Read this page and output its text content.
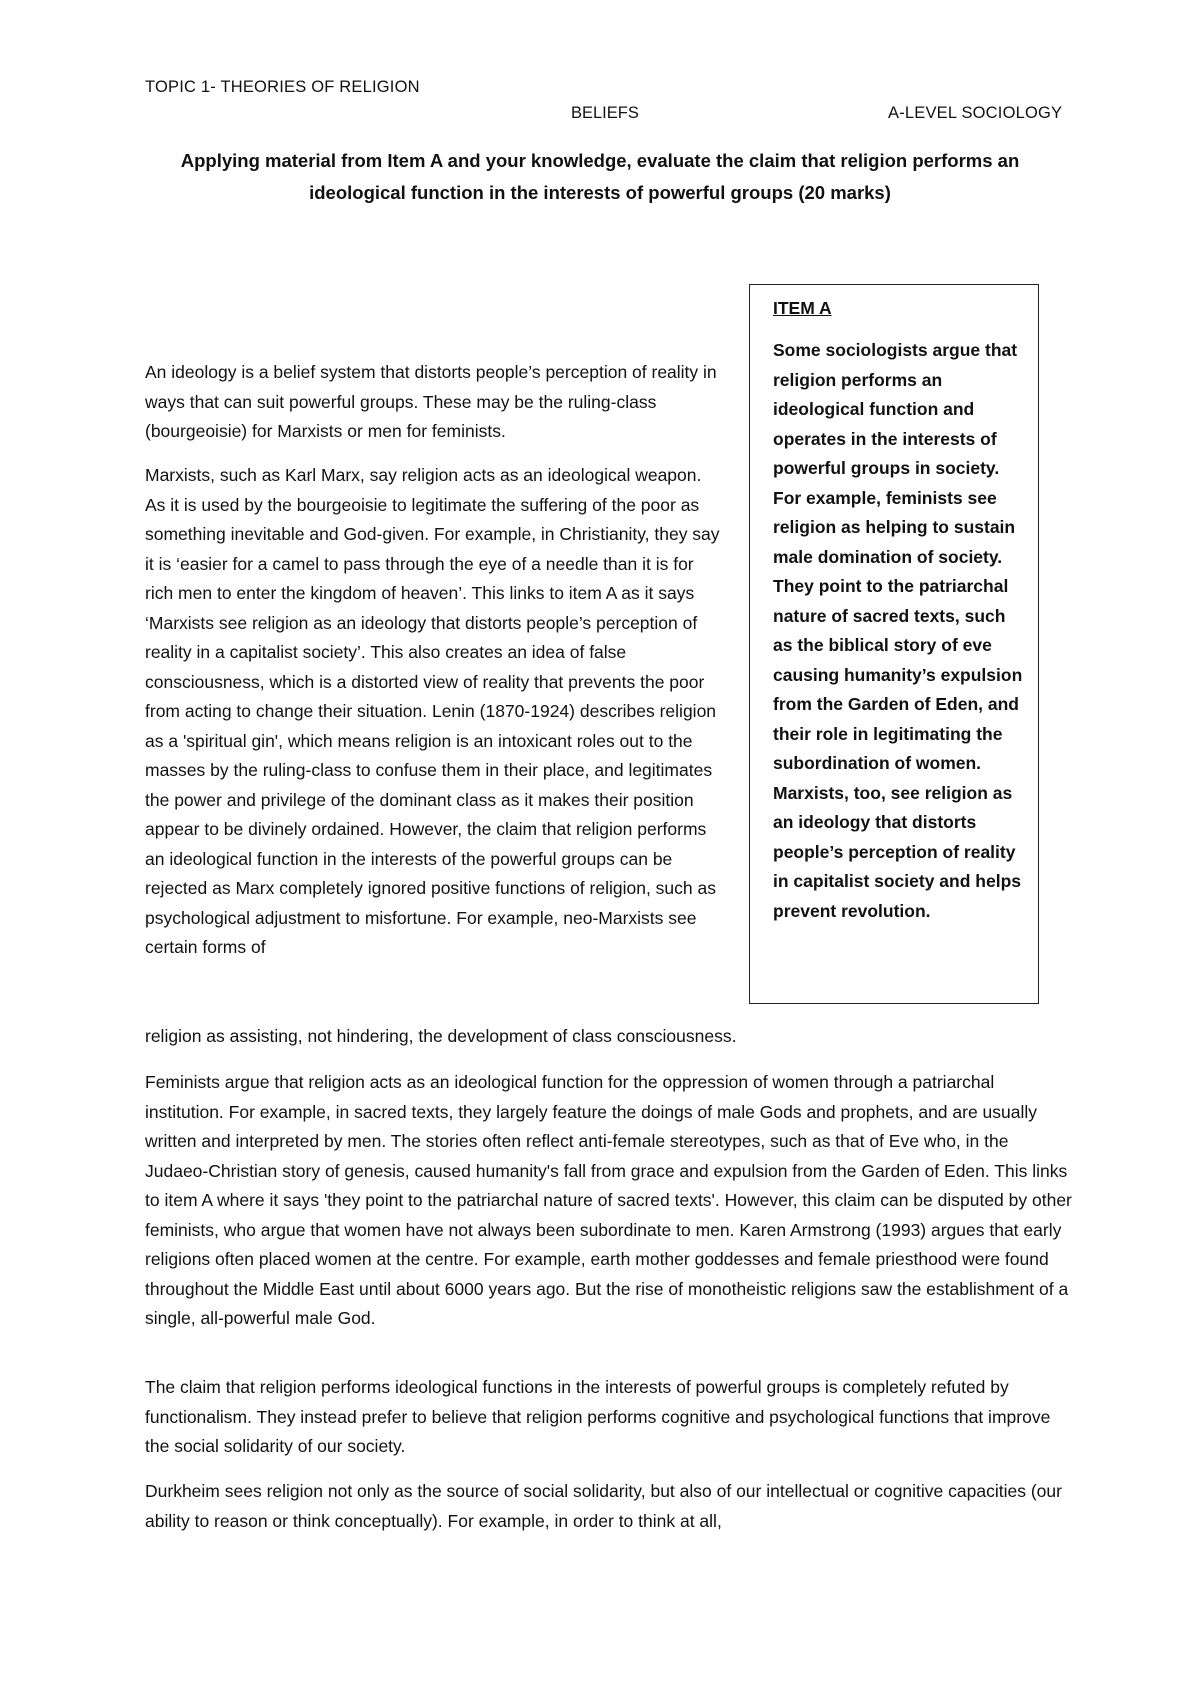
TOPIC 1- THEORIES OF RELIGION
BELIEFS	A-LEVEL SOCIOLOGY
Applying material from Item A and your knowledge, evaluate the claim that religion performs an ideological function in the interests of powerful groups (20 marks)
ITEM A
Some sociologists argue that religion performs an ideological function and operates in the interests of powerful groups in society. For example, feminists see religion as helping to sustain male domination of society. They point to the patriarchal nature of sacred texts, such as the biblical story of eve causing humanity’s expulsion from the Garden of Eden, and their role in legitimating the subordination of women. Marxists, too, see religion as an ideology that distorts people’s perception of reality in capitalist society and helps prevent revolution.

An ideology is a belief system that distorts people’s perception of reality in ways that can suit powerful groups. These may be the ruling-class (bourgeoisie) for Marxists or men for feminists.

Marxists, such as Karl Marx, say religion acts as an ideological weapon. As it is used by the bourgeoisie to legitimate the suffering of the poor as something inevitable and God-given. For example, in Christianity, they say it is ‘easier for a camel to pass through the eye of a needle than it is for rich men to enter the kingdom of heaven’. This links to item A as it says ‘Marxists see religion as an ideology that distorts people’s perception of reality in a capitalist society’. This also creates an idea of false consciousness, which is a distorted view of reality that prevents the poor from acting to change their situation. Lenin (1870-1924) describes religion as a 'spiritual gin', which means religion is an intoxicant roles out to the masses by the ruling-class to confuse them in their place, and legitimates the power and privilege of the dominant class as it makes their position appear to be divinely ordained. However, the claim that religion performs an ideological function in the interests of the powerful groups can be rejected as Marx completely ignored positive functions of religion, such as psychological adjustment to misfortune. For example, neo-Marxists see certain forms of

religion as assisting, not hindering, the development of class consciousness.

Feminists argue that religion acts as an ideological function for the oppression of women through a patriarchal institution. For example, in sacred texts, they largely feature the doings of male Gods and prophets, and are usually written and interpreted by men. The stories often reflect anti-female stereotypes, such as that of Eve who, in the Judaeo-Christian story of genesis, caused humanity's fall from grace and expulsion from the Garden of Eden. This links to item A where it says 'they point to the patriarchal nature of sacred texts'. However, this claim can be disputed by other feminists, who argue that women have not always been subordinate to men. Karen Armstrong (1993) argues that early religions often placed women at the centre. For example, earth mother goddesses and female priesthood were found throughout the Middle East until about 6000 years ago. But the rise of monotheistic religions saw the establishment of a single, all-powerful male God.

The claim that religion performs ideological functions in the interests of powerful groups is completely refuted by functionalism. They instead prefer to believe that religion performs cognitive and psychological functions that improve the social solidarity of our society.

Durkheim sees religion not only as the source of social solidarity, but also of our intellectual or cognitive capacities (our ability to reason or think conceptually). For example, in order to think at all,
